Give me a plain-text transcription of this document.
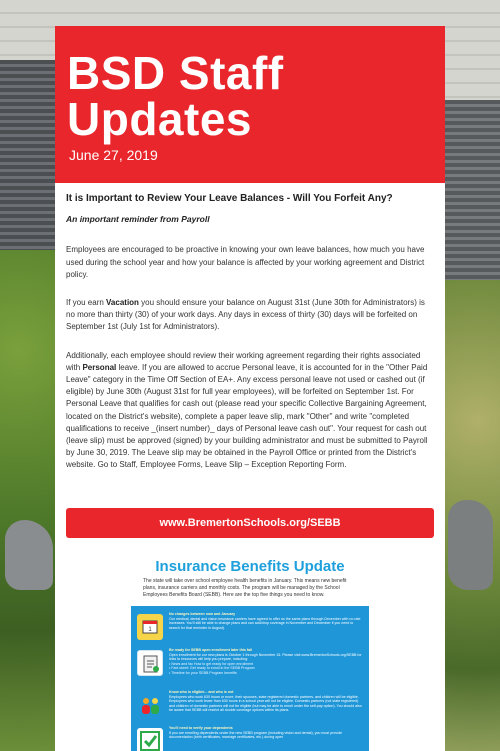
BSD Staff Updates
June 27, 2019
It is Important to Review Your Leave Balances - Will You Forfeit Any?
An important reminder from Payroll
Employees are encouraged to be proactive in knowing your own leave balances, how much you have used during the school year and how your balance is affected by your working agreement and District policy.
If you earn Vacation you should ensure your balance on August 31st (June 30th for Administrators) is no more than thirty (30) of your work days. Any days in excess of thirty (30) days will be forfeited on September 1st (July 1st for Administrators).
Additionally, each employee should review their working agreement regarding their rights associated with Personal leave. If you are allowed to accrue Personal leave, it is accounted for in the "Other Paid Leave" category in the Time Off Section of EA+. Any excess personal leave not used or cashed out (if eligible) by June 30th (August 31st for full year employees), will be forfeited on September 1st. For Personal Leave that qualifies for cash out (please read your specific Collective Bargaining Agreement, located on the District's website), complete a paper leave slip, mark "Other" and write "completed qualifications to receive _(insert number)_ days of Personal leave cash out". Your request for cash out (leave slip) must be approved (signed) by your building administrator and must be submitted to Payroll by June 30, 2019. The Leave slip may be obtained in the Payroll Office or printed from the District's website. Go to Staff, Employee Forms, Leave Slip – Exception Reporting Form.
www.BremertonSchools.org/SEBB
Insurance Benefits Update
The state will take over school employee health benefits in January. This means new benefit plans, insurance carriers and monthly costs. The program will be managed by the School Employees Benefits Board (SEBB). Here are the top five things you need to know.
1
No changes between now and January
Our medical, dental and vision insurance carriers have agreed to offer us the same plans through December with no rate increases. You'll still be able to change plans and can add/drop coverage in November and December if you need to search for that reminder in August).
Be ready for SEBB open enrollment later this fall
Open enrollment for our new plans is October 1 through November 15. Please visit www.BremertonSchools.org/SEBB for links to resources will help you prepare, including:
• News and fac How to get ready for open enrollment
• Fact sheet: Get ready to enroll in the SEBB Program
• Timeline for your SEBB Program benefits
Know who is eligible... and who is not
Employees who work 630 hours or more, their spouses, state registered domestic partners, and children will be eligible. Employees who work fewer than 630 hours in a school year will not be eligible. Domestic partners (not state registered) and children of domestic partners will not be eligible (but may be able to enroll under the self-pay option). You should also be aware that SEBB will restrict all double coverage options within its plans.
You'll need to verify your dependents
If you are enrolling dependents under the new SEBB program (including vision and dental), you must provide documentation (birth certificates, marriage certificates, etc.) during open
